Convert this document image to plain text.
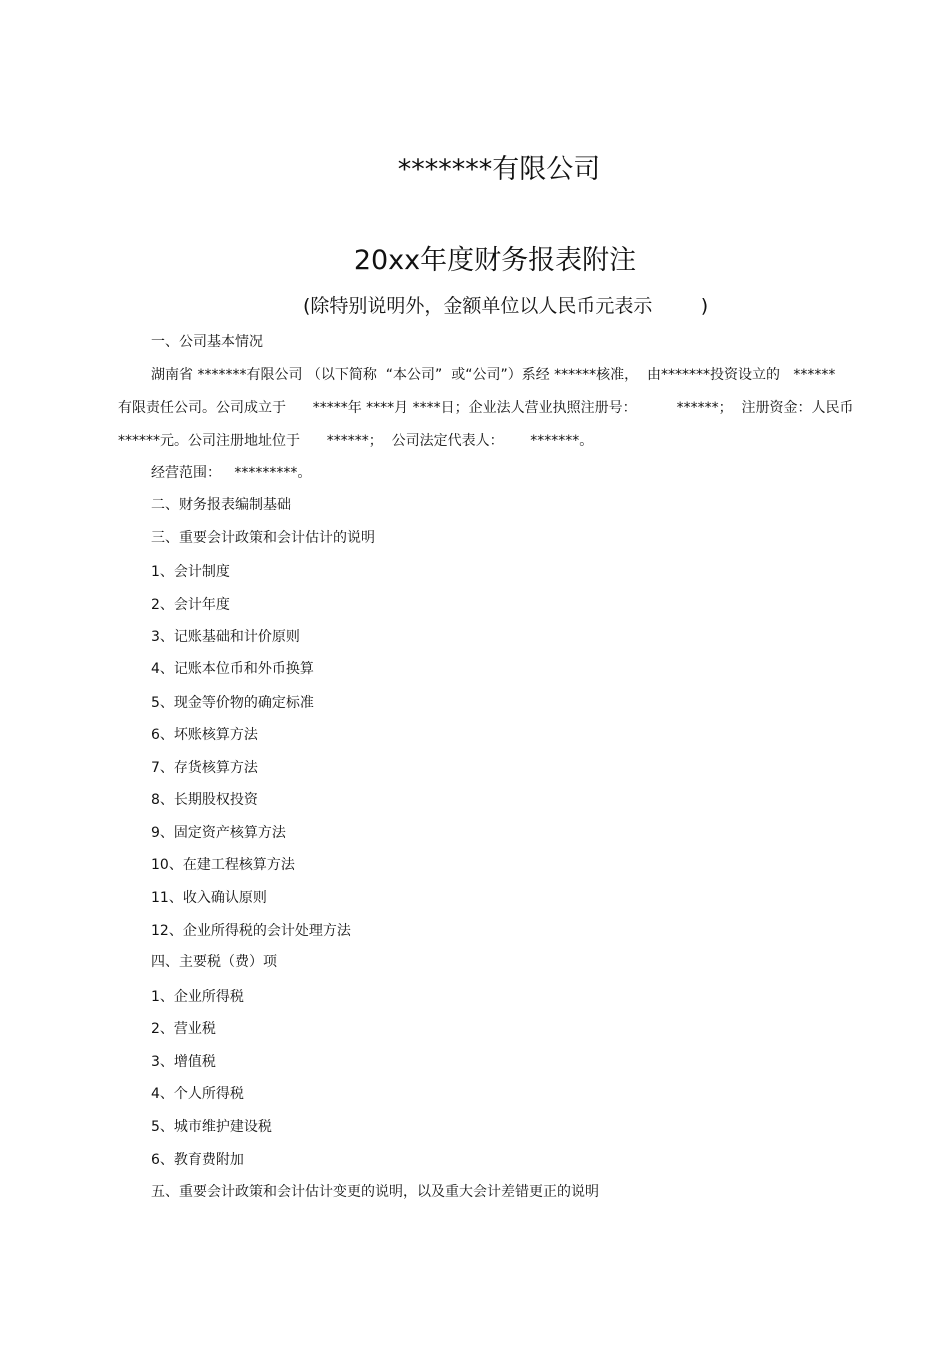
*******有限公司
20xx年度财务报表附注
(除特别说明外，金额单位以人民币元表示        )
一、公司基本情况
湖南省 *******有限公司 （以下简称  “本公司”  或“公司”）系经 ******核准，  由*******投资设立的   ******
有限责任公司。公司成立于      *****年 ****月 ****日；企业法人营业执照注册号：         ******；  注册资金：人民币
******元。公司注册地址位于      ******；  公司法定代表人：      *******。
经营范围：   *********。
二、财务报表编制基础
三、重要会计政策和会计估计的说明
1、会计制度
2、会计年度
3、记账基础和计价原则
4、记账本位币和外币换算
5、现金等价物的确定标准
6、坏账核算方法
7、存货核算方法
8、长期股权投资
9、固定资产核算方法
10、在建工程核算方法
11、收入确认原则
12、企业所得税的会计处理方法
四、主要税（费）项
1、企业所得税
2、营业税
3、增值税
4、个人所得税
5、城市维护建设税
6、教育费附加
五、重要会计政策和会计估计变更的说明，以及重大会计差错更正的说明
